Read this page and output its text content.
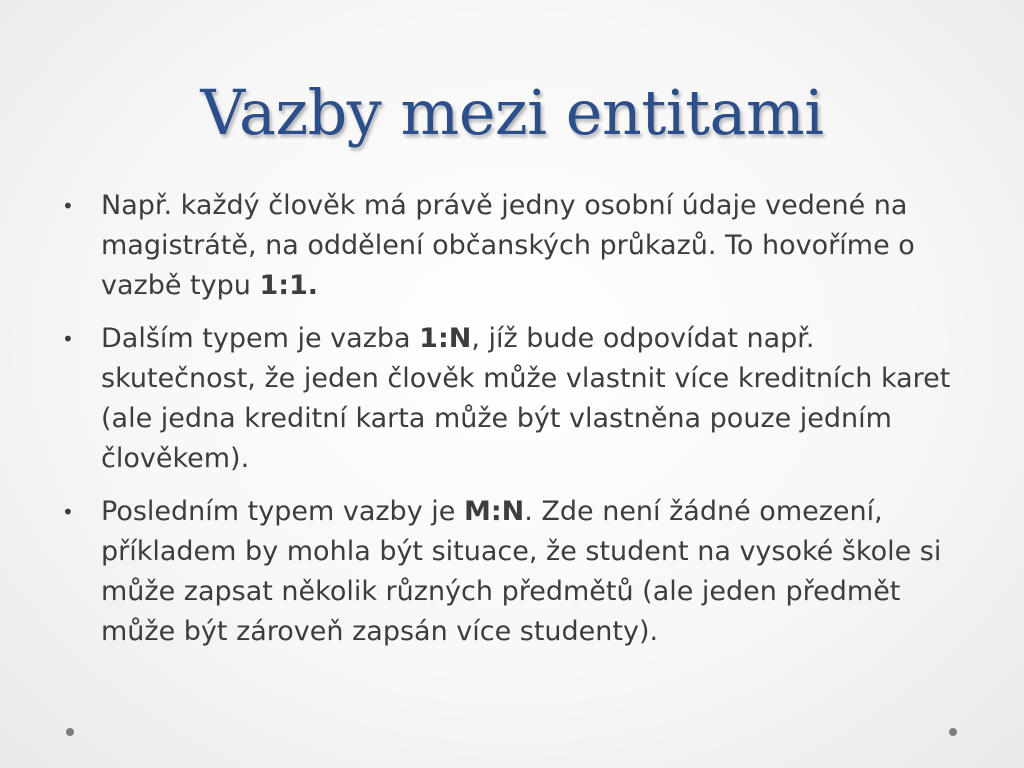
Vazby mezi entitami
• Např. každý člověk má právě jedny osobní údaje vedené na magistrátě, na oddělení občanských průkazů. To hovoříme o vazbě typu 1:1.
• Dalším typem je vazba 1:N, jíž bude odpovídat např. skutečnost, že jeden člověk může vlastnit více kreditních karet (ale jedna kreditní karta může být vlastněna pouze jedním člověkem).
• Posledním typem vazby je M:N. Zde není žádné omezení, příkladem by mohla být situace, že student na vysoké škole si může zapsat několik různých předmětů (ale jeden předmět může být zároveň zapsán více studenty).
